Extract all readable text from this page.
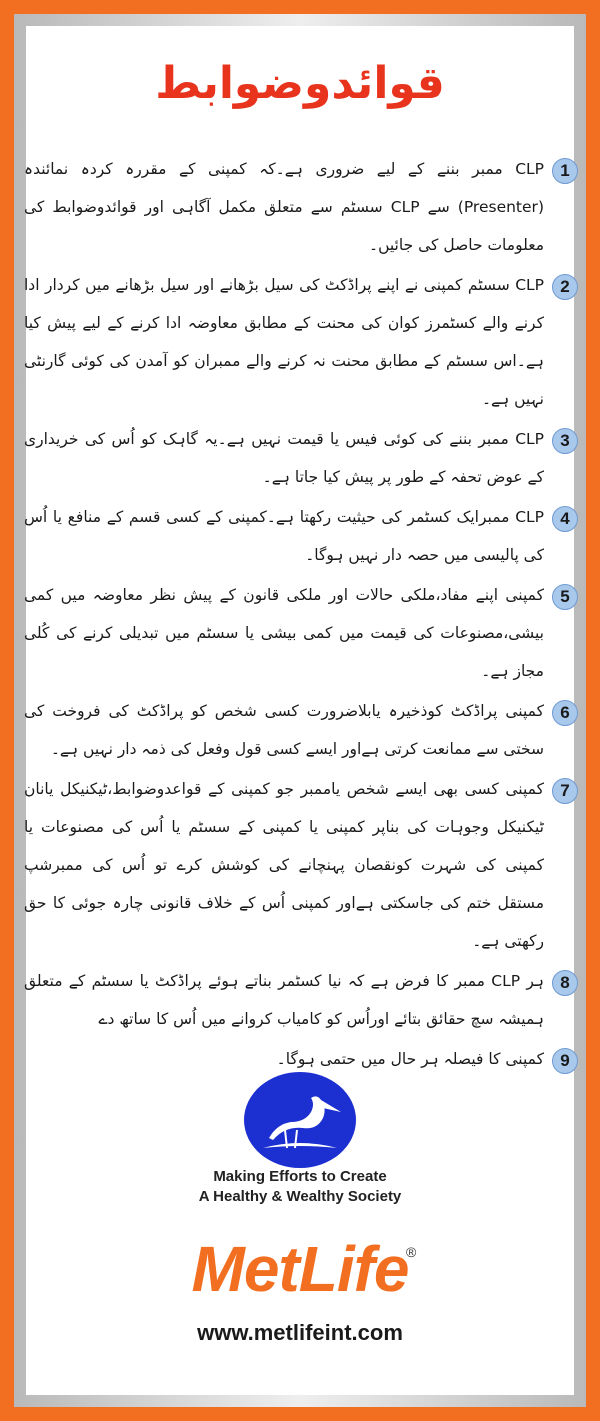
قوائدوضوابط
1
CLP ممبر بننے کے لیے ضروری ہے۔کہ کمپنی کے مقررہ کردہ نمائندہ (Presenter) سے CLP سسٹم سے متعلق مکمل آگاہی اور قوائدوضوابط کی معلومات حاصل کی جائیں۔
2
CLP سسٹم کمپنی نے اپنے پراڈکٹ کی سیل بڑھانے اور سیل بڑھانے میں کردار ادا کرنے والے کسٹمرز کوان کی محنت کے مطابق معاوضہ ادا کرنے کے لیے پیش کیا ہے۔اس سسٹم کے مطابق محنت نہ کرنے والے ممبران کو آمدن کی کوئی گارنٹی نہیں ہے۔
3
CLP ممبر بننے کی کوئی فیس یا قیمت نہیں ہے۔یہ گاہک کو اُس کی خریداری کے عوض تحفہ کے طور پر پیش کیا جاتا ہے۔
4
CLP ممبرایک کسٹمر کی حیثیت رکھتا ہے۔کمپنی کے کسی قسم کے منافع یا اُس کی پالیسی میں حصہ دار نہیں ہوگا۔
5
کمپنی اپنے مفاد،ملکی حالات اور ملکی قانون کے پیش نظر معاوضہ میں کمی بیشی،مصنوعات کی قیمت میں کمی بیشی یا سسٹم میں تبدیلی کرنے کی کُلی مجاز ہے۔
6
کمپنی پراڈکٹ کوذخیرہ یابلاضرورت کسی شخص کو پراڈکٹ کی فروخت کی سختی سے ممانعت کرتی ہےاور ایسے کسی قول وفعل کی ذمہ دار نہیں ہے۔
7
کمپنی کسی بھی ایسے شخص یاممبر جو کمپنی کے قواعدوضوابط،ٹیکنیکل یانان ٹیکنیکل وجوہات کی بناپر کمپنی یا کمپنی کے سسٹم یا اُس کی مصنوعات یا کمپنی کی شہرت کونقصان پہنچانے کی کوشش کرے تو اُس کی ممبرشپ مستقل ختم کی جاسکتی ہےاور کمپنی اُس کے خلاف قانونی چارہ جوئی کا حق رکھتی ہے۔
8
ہر CLP ممبر کا فرض ہے کہ نیا کسٹمر بناتے ہوئے پراڈکٹ یا سسٹم کے متعلق ہمیشہ سچ حقائق بتائے اوراُس کو کامیاب کروانے میں اُس کا ساتھ دے
9
کمپنی کا فیصلہ ہر حال میں حتمی ہوگا۔
Making Efforts to Create
A Healthy & Wealthy Society
MetLife
®
www.metlifeint.com
